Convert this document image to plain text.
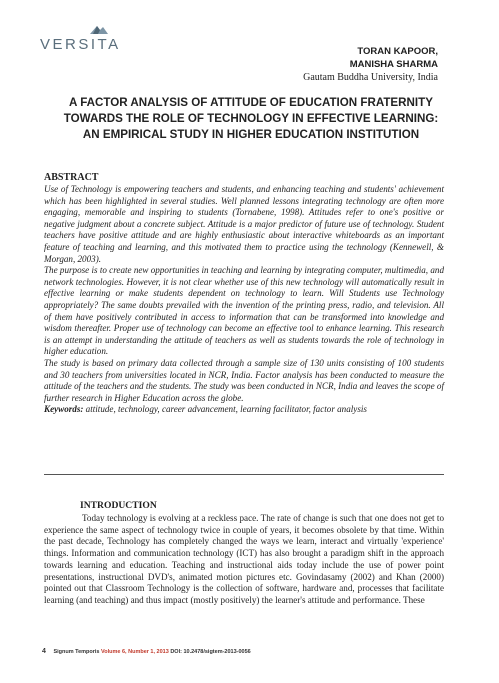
VERSITA	TORAN KAPOOR,
MANISHA SHARMA
Gautam Buddha University, India
A FACTOR ANALYSIS OF ATTITUDE OF EDUCATION FRATERNITY TOWARDS THE ROLE OF TECHNOLOGY IN EFFECTIVE LEARNING: AN EMPIRICAL STUDY IN HIGHER EDUCATION INSTITUTION
ABSTRACT

Use of Technology is empowering teachers and students, and enhancing teaching and students' achievement which has been highlighted in several studies. Well planned lessons integrating technology are often more engaging, memorable and inspiring to students (Tornabene, 1998). Attitudes refer to one's positive or negative judgment about a concrete subject. Attitude is a major predictor of future use of technology. Student teachers have positive attitude and are highly enthusiastic about interactive whiteboards as an important feature of teaching and learning, and this motivated them to practice using the technology (Kennewell, & Morgan, 2003).

The purpose is to create new opportunities in teaching and learning by integrating computer, multimedia, and network technologies. However, it is not clear whether use of this new technology will automatically result in effective learning or make students dependent on technology to learn. Will Students use Technology appropriately? The same doubts prevailed with the invention of the printing press, radio, and television. All of them have positively contributed in access to information that can be transformed into knowledge and wisdom thereafter. Proper use of technology can become an effective tool to enhance learning. This research is an attempt in understanding the attitude of teachers as well as students towards the role of technology in higher education.

The study is based on primary data collected through a sample size of 130 units consisting of 100 students and 30 teachers from universities located in NCR, India. Factor analysis has been conducted to measure the attitude of the teachers and the students. The study was been conducted in NCR, India and leaves the scope of further research in Higher Education across the globe.

Keywords: attitude, technology, career advancement, learning facilitator, factor analysis
INTRODUCTION

Today technology is evolving at a reckless pace. The rate of change is such that one does not get to experience the same aspect of technology twice in couple of years, it becomes obsolete by that time. Within the past decade, Technology has completely changed the ways we learn, interact and virtually 'experience' things. Information and communication technology (ICT) has also brought a paradigm shift in the approach towards learning and education. Teaching and instructional aids today include the use of power point presentations, instructional DVD's, animated motion pictures etc. Govindasamy (2002) and Khan (2000) pointed out that Classroom Technology is the collection of software, hardware and, processes that facilitate learning (and teaching) and thus impact (mostly positively) the learner's attitude and performance. These

4 Signum Temporis Volume 6, Number 1, 2013 DOI: 10.2478/sigtem-2013-0056
